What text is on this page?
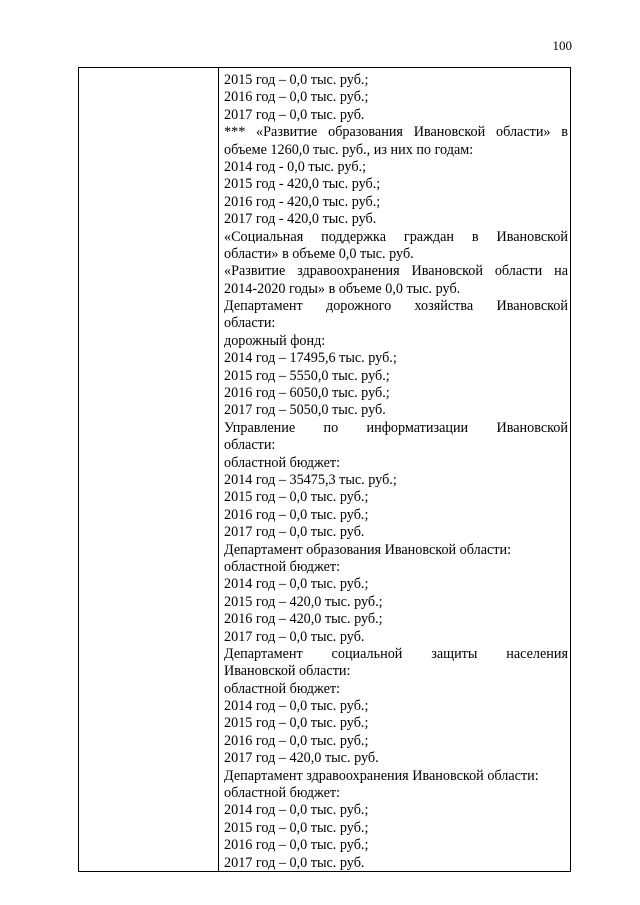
100
2015 год – 0,0 тыс. руб.;
2016 год – 0,0 тыс. руб.;
2017 год – 0,0 тыс. руб.
*** «Развитие образования Ивановской области» в
объеме 1260,0 тыс. руб., из них по годам:
2014 год - 0,0 тыс. руб.;
2015 год - 420,0 тыс. руб.;
2016 год - 420,0 тыс. руб.;
2017 год - 420,0 тыс. руб.
«Социальная поддержка граждан в Ивановской
области» в объеме 0,0 тыс. руб.
«Развитие здравоохранения Ивановской области на
2014-2020 годы» в объеме 0,0 тыс. руб.
Департамент дорожного хозяйства Ивановской
области:
дорожный фонд:
2014 год – 17495,6 тыс. руб.;
2015 год – 5550,0 тыс. руб.;
2016 год – 6050,0 тыс. руб.;
2017 год – 5050,0 тыс. руб.
Управление по информатизации Ивановской
области:
областной бюджет:
2014 год – 35475,3 тыс. руб.;
2015 год – 0,0 тыс. руб.;
2016 год – 0,0 тыс. руб.;
2017 год – 0,0 тыс. руб.
Департамент образования Ивановской области:
областной бюджет:
2014 год – 0,0 тыс. руб.;
2015 год – 420,0 тыс. руб.;
2016 год – 420,0 тыс. руб.;
2017 год – 0,0 тыс. руб.
Департамент социальной защиты населения
Ивановской области:
областной бюджет:
2014 год – 0,0 тыс. руб.;
2015 год – 0,0 тыс. руб.;
2016 год – 0,0 тыс. руб.;
2017 год – 420,0 тыс. руб.
Департамент здравоохранения Ивановской области:
областной бюджет:
2014 год – 0,0 тыс. руб.;
2015 год – 0,0 тыс. руб.;
2016 год – 0,0 тыс. руб.;
2017 год – 0,0 тыс. руб.
